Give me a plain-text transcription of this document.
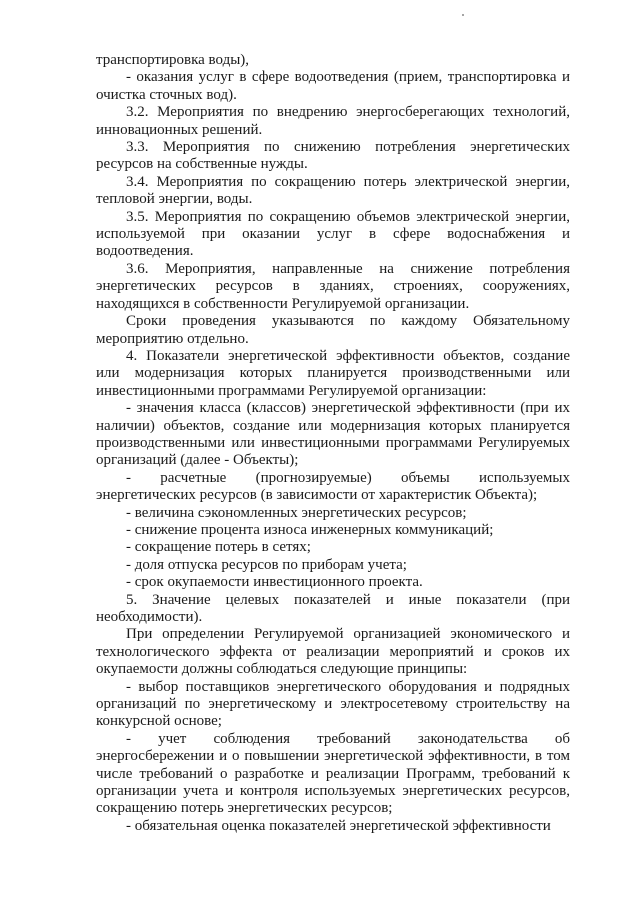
транспортировка воды),

- оказания услуг в сфере водоотведения (прием, транспортировка и очистка сточных вод).

3.2. Мероприятия по внедрению энергосберегающих технологий, инновационных решений.

3.3. Мероприятия по снижению потребления энергетических ресурсов на собственные нужды.

3.4. Мероприятия по сокращению потерь электрической энергии, тепловой энергии, воды.

3.5. Мероприятия по сокращению объемов электрической энергии, используемой при оказании услуг в сфере водоснабжения и водоотведения.

3.6. Мероприятия, направленные на снижение потребления энергетических ресурсов в зданиях, строениях, сооружениях, находящихся в собственности Регулируемой организации.

Сроки проведения указываются по каждому Обязательному мероприятию отдельно.

4. Показатели энергетической эффективности объектов, создание или модернизация которых планируется производственными или инвестиционными программами Регулируемой организации:

- значения класса (классов) энергетической эффективности (при их наличии) объектов, создание или модернизация которых планируется производственными или инвестиционными программами Регулируемых организаций (далее - Объекты);

- расчетные (прогнозируемые) объемы используемых энергетических ресурсов (в зависимости от характеристик Объекта);

- величина сэкономленных энергетических ресурсов;

- снижение процента износа инженерных коммуникаций;

- сокращение потерь в сетях;

- доля отпуска ресурсов по приборам учета;

- срок окупаемости инвестиционного проекта.

5. Значение целевых показателей и иные показатели (при необходимости).

При определении Регулируемой организацией экономического и технологического эффекта от реализации мероприятий и сроков их окупаемости должны соблюдаться следующие принципы:

- выбор поставщиков энергетического оборудования и подрядных организаций по энергетическому и электросетевому строительству на конкурсной основе;

- учет соблюдения требований законодательства об энергосбережении и о повышении энергетической эффективности, в том числе требований о разработке и реализации Программ, требований к организации учета и контроля используемых энергетических ресурсов, сокращению потерь энергетических ресурсов;

- обязательная оценка показателей энергетической эффективности
